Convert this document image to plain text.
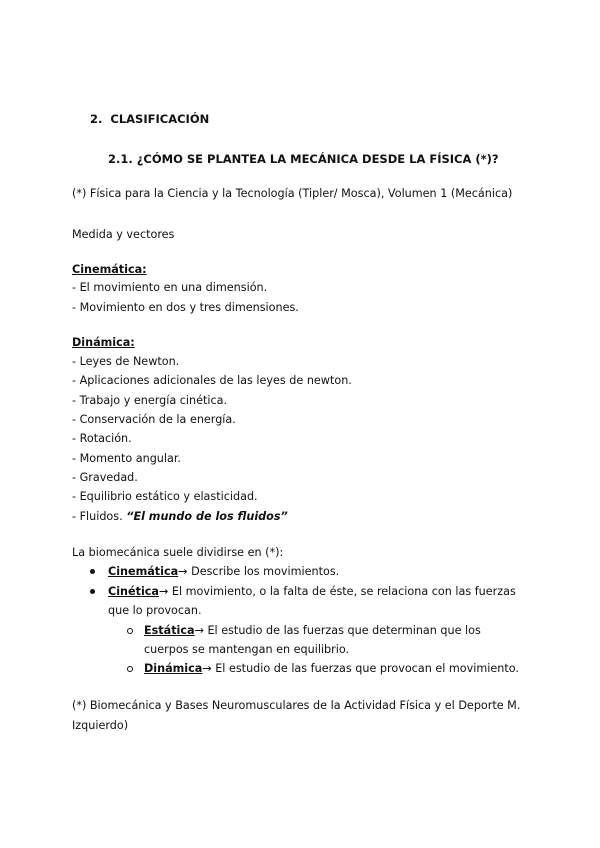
2. CLASIFICACIÓN
2.1. ¿CÓMO SE PLANTEA LA MECÁNICA DESDE LA FÍSICA (*)?
(*) Física para la Ciencia y la Tecnología (Tipler/ Mosca), Volumen 1 (Mecánica)
Medida y vectores
Cinemática:
- El movimiento en una dimensión.
- Movimiento en dos y tres dimensiones.
Dinámica:
- Leyes de Newton.
- Aplicaciones adicionales de las leyes de newton.
- Trabajo y energía cinética.
- Conservación de la energía.
- Rotación.
- Momento angular.
- Gravedad.
- Equilibrio estático y elasticidad.
- Fluidos. “El mundo de los fluidos”
La biomecánica suele dividirse en (*):
Cinemática→ Describe los movimientos.
Cinética→ El movimiento, o la falta de éste, se relaciona con las fuerzas
que lo provocan.
Estática→ El estudio de las fuerzas que determinan que los
cuerpos se mantengan en equilibrio.
Dinámica→ El estudio de las fuerzas que provocan el movimiento.
(*) Biomecánica y Bases Neuromusculares de la Actividad Física y el Deporte M.
Izquierdo)
